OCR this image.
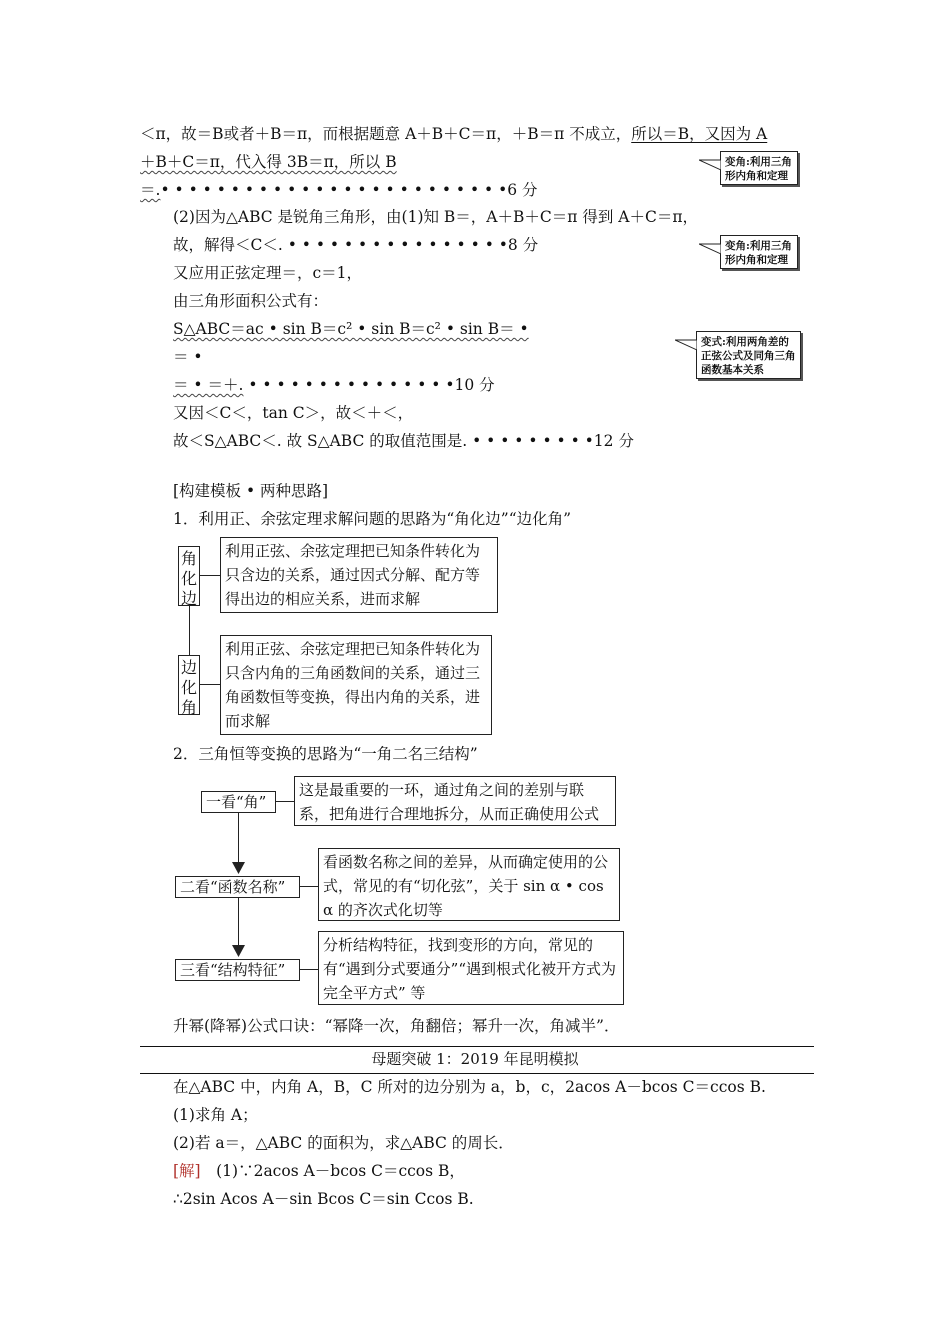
＜π，故＝B或者＋B＝π，而根据题意 A＋B＋C＝π，＋B＝π 不成立，所以＝B，又因为 A
＋B＋C＝π，代入得 3B＝π，所以 B
＝.• • • • • • • • • • • • • • • • • • • • • • • • •6 分
(2)因为△ABC 是锐角三角形，由(1)知 B＝，A＋B＋C＝π 得到 A＋C＝π，
故，解得＜C＜. • • • • • • • • • • • • • • • •8 分
又应用正弦定理＝，c＝1，
由三角形面积公式有：
S△ABC＝ac • sin B＝c² • sin B＝c² • sin B＝ •
＝ •
＝ • ＝＋. • • • • • • • • • • • • • • •10 分
又因＜C＜，tan C＞，故＜＋＜，
故＜S△ABC＜. 故 S△ABC 的取值范围是. • • • • • • • • •12 分
变角:利用三角形内角和定理
变角:利用三角形内角和定理
变式:利用两角差的正弦公式及同角三角函数基本关系
[构建模板 • 两种思路]
1．利用正、余弦定理求解问题的思路为“角化边”“边化角”
角化边
利用正弦、余弦定理把已知条件转化为只含边的关系，通过因式分解、配方等得出边的相应关系，进而求解
边化角
利用正弦、余弦定理把已知条件转化为只含内角的三角函数间的关系，通过三角函数恒等变换，得出内角的关系，进而求解
2．三角恒等变换的思路为“一角二名三结构”
一看“角”
这是最重要的一环，通过角之间的差别与联系，把角进行合理地拆分，从而正确使用公式
二看“函数名称”
看函数名称之间的差异，从而确定使用的公式，常见的有“切化弦”，关于 sin α • cos α 的齐次式化切等
三看“结构特征”
分析结构特征，找到变形的方向，常见的有“遇到分式要通分”“遇到根式化被开方式为完全平方式” 等
升幂(降幂)公式口诀：“幂降一次，角翻倍；幂升一次，角减半”．
母题突破 1：2019 年昆明模拟
在△ABC 中，内角 A，B，C 所对的边分别为 a，b，c，2acos A－bcos C＝ccos B.
(1)求角 A；
(2)若 a＝，△ABC 的面积为，求△ABC 的周长．
[解]　 (1)∵2acos A－bcos C＝ccos B，
∴2sin Acos A－sin Bcos C＝sin Ccos B.
